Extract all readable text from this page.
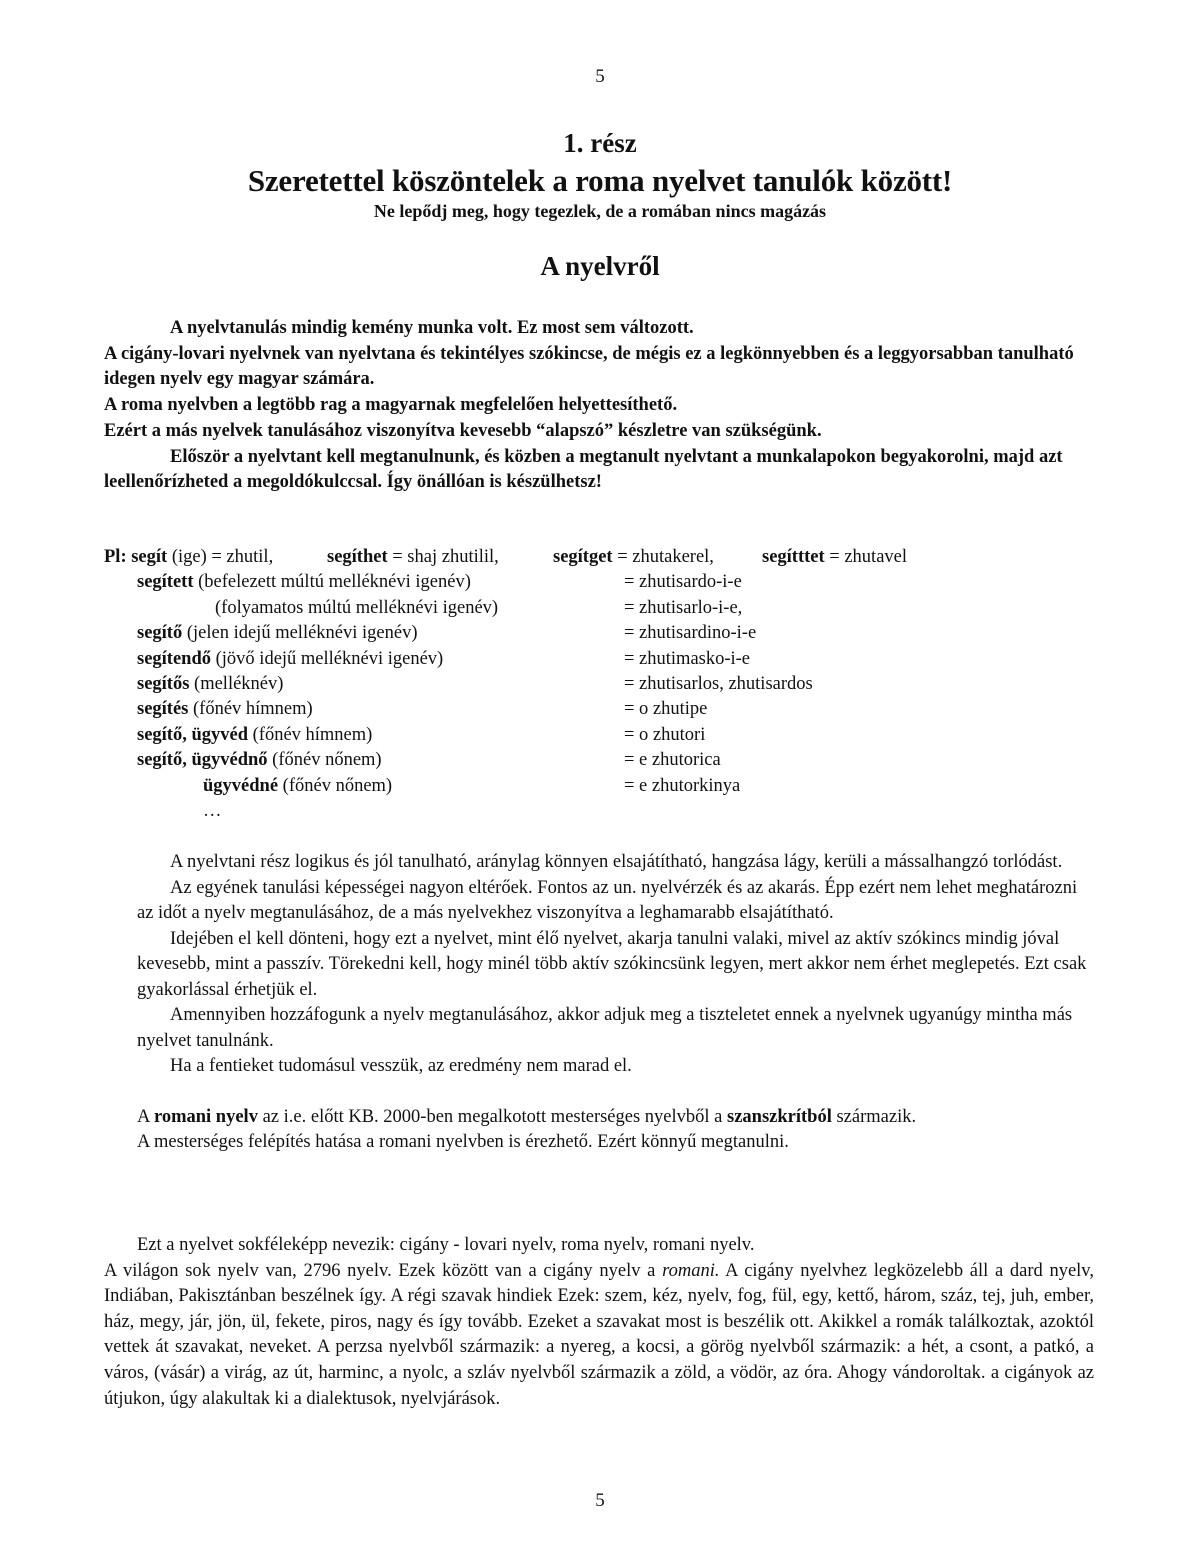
5
1. rész
Szeretettel köszöntelek a roma nyelvet tanulók között!
Ne lepődj meg, hogy tegezlek, de a romában nincs magázás
A nyelvről

A nyelvtanulás mindig kemény munka volt. Ez most sem változott.

A cigány-lovari nyelvnek van nyelvtana és tekintélyes szókincse, de mégis ez a legkönnyebben és a leggyorsabban tanulható idegen nyelv egy magyar számára.

A roma nyelvben a legtöbb rag a magyarnak megfelelően helyettesíthető.

Ezért a más nyelvek tanulásához viszonyítva kevesebb “alapszó” készletre van szükségünk.

Először a nyelvtant kell megtanulnunk, és közben a megtanult nyelvtant a munkalapokon begyakorolni, majd azt leellenőrízheted a megoldókulccsal. Így önállóan is készülhetsz!

Pl: segít (ige) = zhutil,	segíthet = shaj zhutilil,	segítget = zhutakerel,	segítttet = zhutavel
segített (befelezett múltú melléknévi igenév)	= zhutisardo-i-e
(folyamatos múltú melléknévi igenév)	= zhutisarlo-i-e,
segítő (jelen idejű melléknévi igenév)	= zhutisardino-i-e
segítendő (jövő idejű melléknévi igenév)	= zhutimasko-i-e
segítős (melléknév)	= zhutisarlos, zhutisardos
segítés (főnév hímnem)	= o zhutipe
segítő, ügyvéd (főnév hímnem)	= o zhutori
segítő, ügyvédnő (főnév nőnem)	= e zhutorica
ügyvédné (főnév nőnem)	= e zhutorkinya
…

A nyelvtani rész logikus és jól tanulható, aránylag könnyen elsajátítható, hangzása lágy, kerüli a mássalhangzó torlódást.

Az egyének tanulási képességei nagyon eltérőek. Fontos az un. nyelvérzék és az akarás. Épp ezért nem lehet meghatározni az időt a nyelv megtanulásához, de a más nyelvekhez viszonyítva a leghamarabb elsajátítható.

Idejében el kell dönteni, hogy ezt a nyelvet, mint élő nyelvet, akarja tanulni valaki, mivel az aktív szókincs mindig jóval kevesebb, mint a passzív. Törekedni kell, hogy minél több aktív szókincsünk legyen, mert akkor nem érhet meglepetés. Ezt csak gyakorlással érhetjük el.

Amennyiben hozzáfogunk a nyelv megtanulásához, akkor adjuk meg a tiszteletet ennek a nyelvnek ugyanúgy mintha más nyelvet tanulnánk.

Ha a fentieket tudomásul vesszük, az eredmény nem marad el.

A romani nyelv az i.e. előtt KB. 2000-ben megalkotott mesterséges nyelvből a szanszkrítból származik.

A mesterséges felépítés hatása a romani nyelvben is érezhető. Ezért könnyű megtanulni.

Ezt a nyelvet sokféleképp nevezik: cigány - lovari nyelv, roma nyelv, romani nyelv.

A világon sok nyelv van, 2796 nyelv. Ezek között van a cigány nyelv a romani. A cigány nyelvhez legközelebb áll a dard nyelv, Indiában, Pakisztánban beszélnek így. A régi szavak hindiek Ezek: szem, kéz, nyelv, fog, fül, egy, kettő, három, száz, tej, juh, ember, ház, megy, jár, jön, ül, fekete, piros, nagy és így tovább. Ezeket a szavakat most is beszélik ott. Akikkel a romák találkoztak, azoktól vettek át szavakat, neveket. A perzsa nyelvből származik: a nyereg, a kocsi, a görög nyelvből származik: a hét, a csont, a patkó, a város, (vásár) a virág, az út, harminc, a nyolc, a szláv nyelvből származik a zöld, a vödör, az óra. Ahogy vándoroltak. a cigányok az útjukon, úgy alakultak ki a dialektusok, nyelvjárások.

5
